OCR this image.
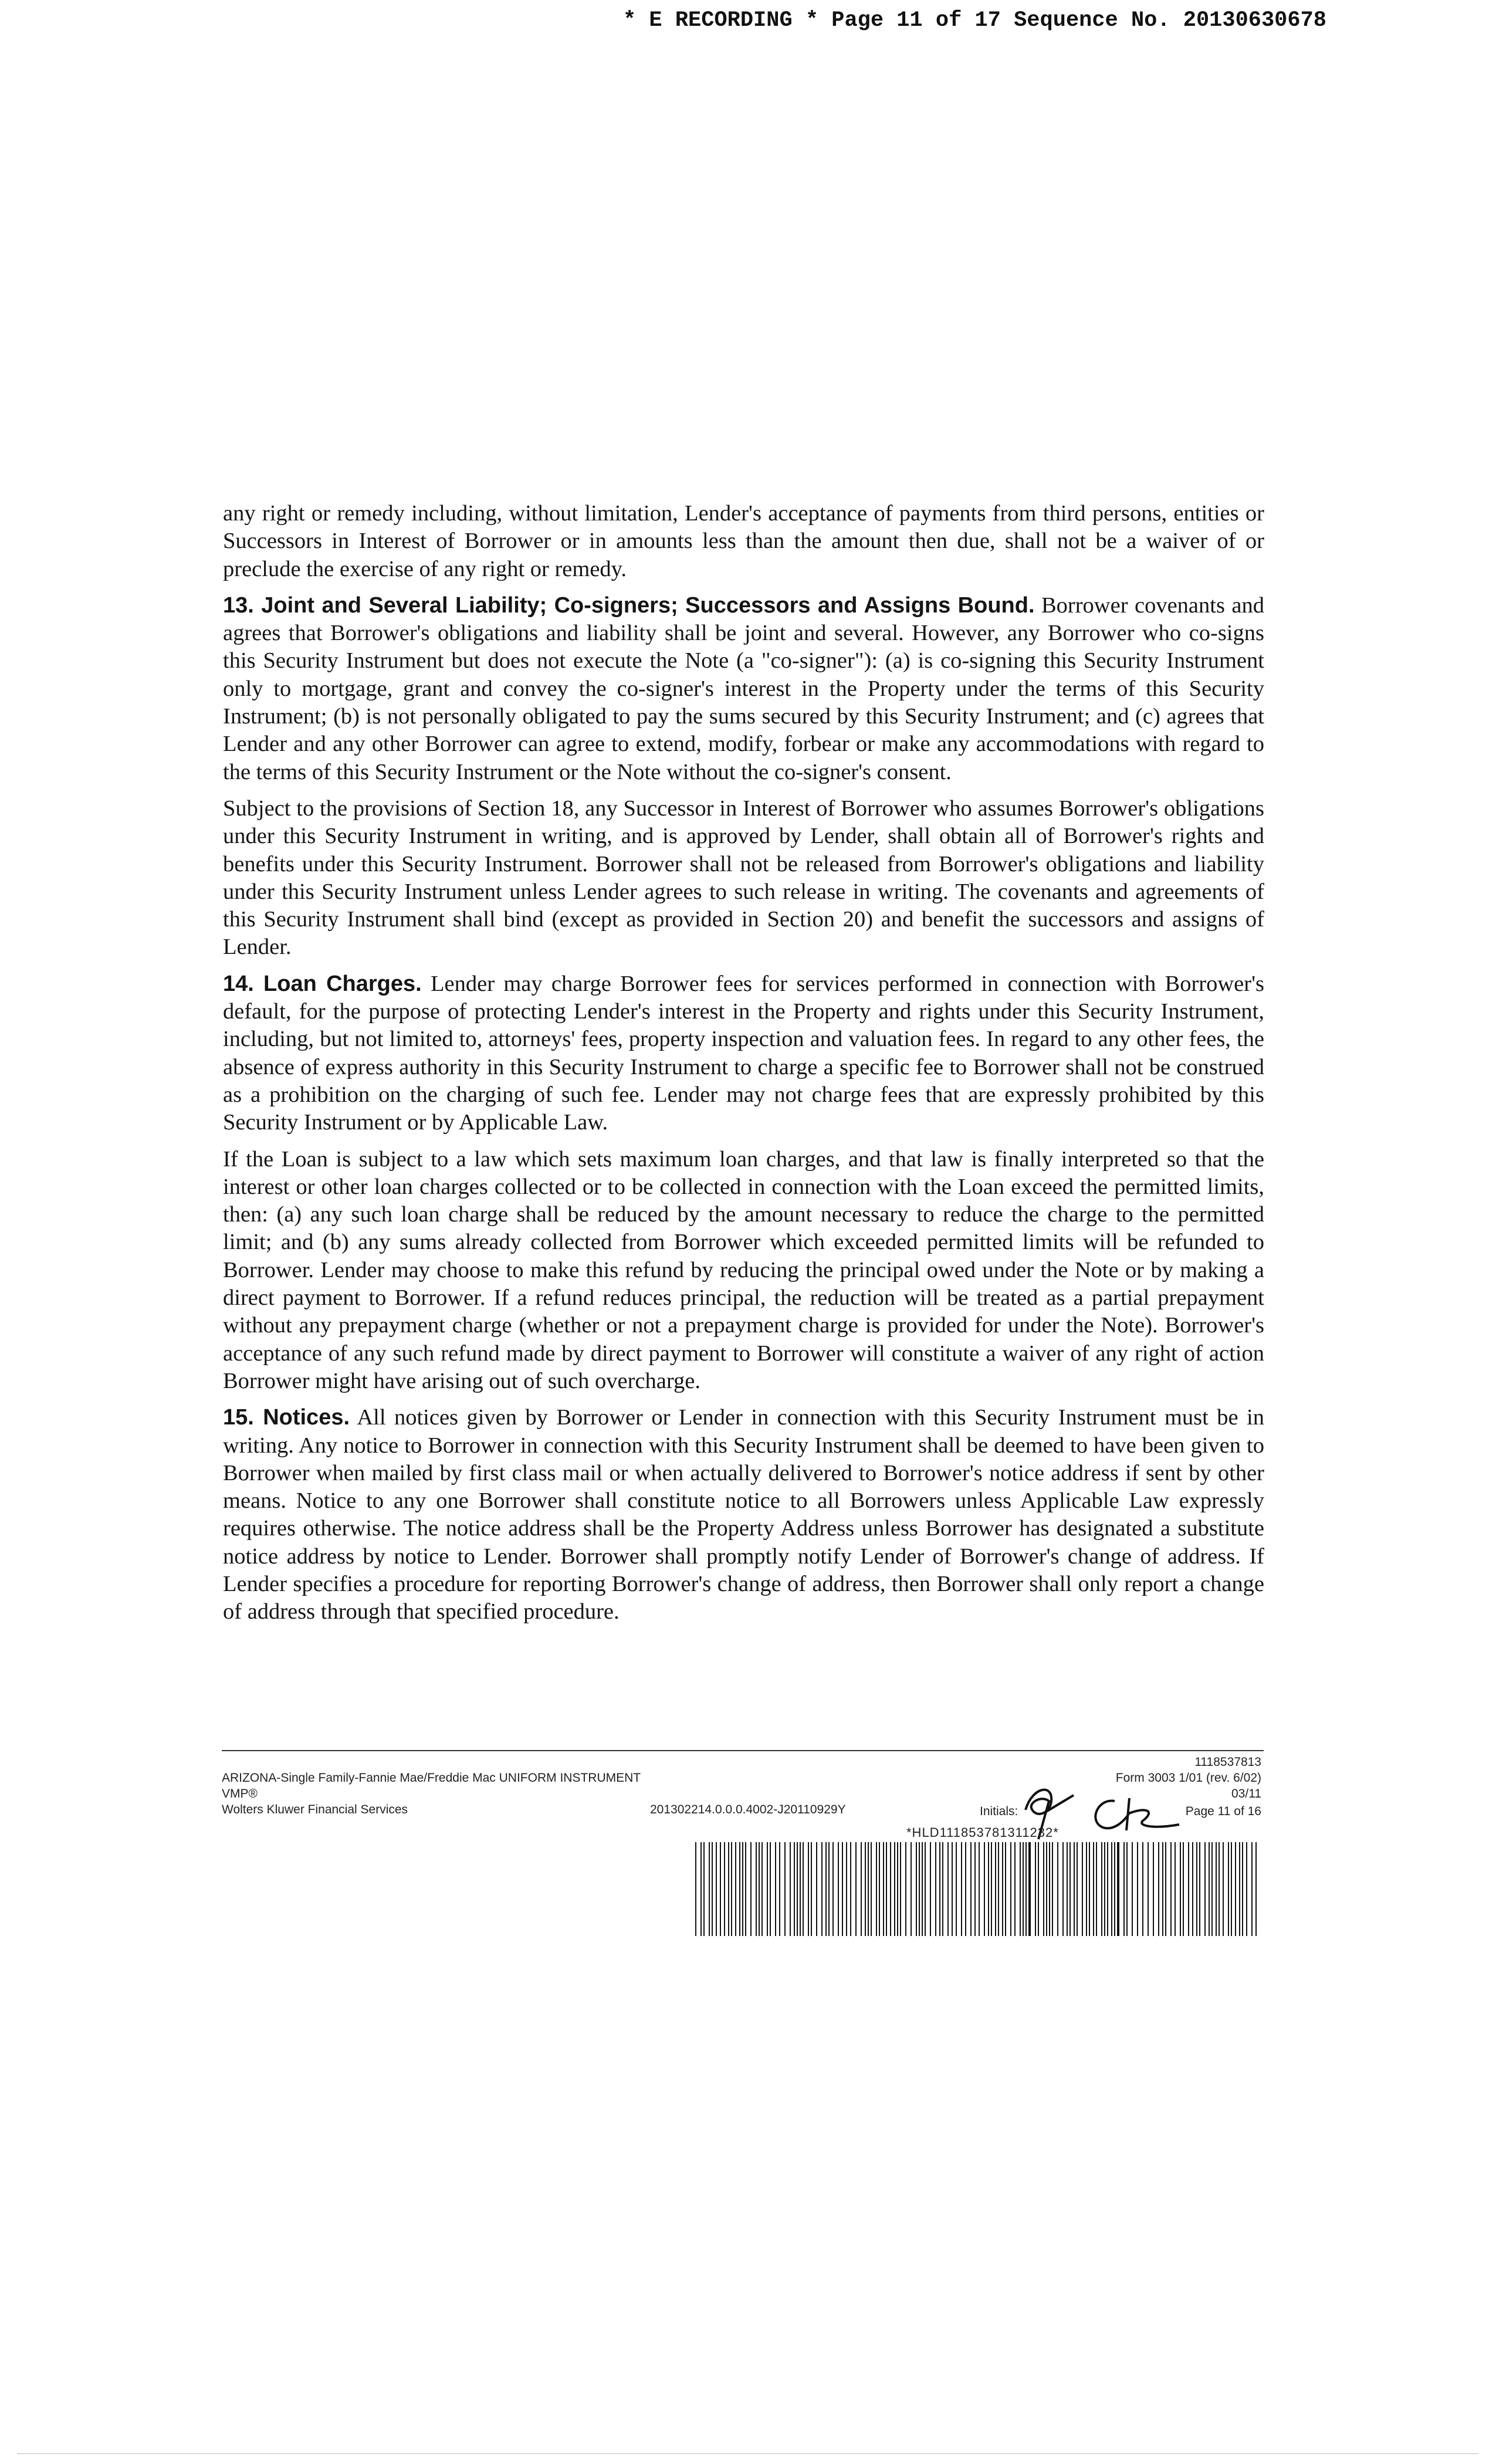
* E RECORDING * Page 11 of 17 Sequence No. 20130630678

any right or remedy including, without limitation, Lender's acceptance of payments from third persons, entities or Successors in Interest of Borrower or in amounts less than the amount then due, shall not be a waiver of or preclude the exercise of any right or remedy.

13. Joint and Several Liability; Co-signers; Successors and Assigns Bound. Borrower covenants and agrees that Borrower's obligations and liability shall be joint and several. However, any Borrower who co-signs this Security Instrument but does not execute the Note (a "co-signer"): (a) is co-signing this Security Instrument only to mortgage, grant and convey the co-signer's interest in the Property under the terms of this Security Instrument; (b) is not personally obligated to pay the sums secured by this Security Instrument; and (c) agrees that Lender and any other Borrower can agree to extend, modify, forbear or make any accommodations with regard to the terms of this Security Instrument or the Note without the co-signer's consent.

Subject to the provisions of Section 18, any Successor in Interest of Borrower who assumes Borrower's obligations under this Security Instrument in writing, and is approved by Lender, shall obtain all of Borrower's rights and benefits under this Security Instrument. Borrower shall not be released from Borrower's obligations and liability under this Security Instrument unless Lender agrees to such release in writing. The covenants and agreements of this Security Instrument shall bind (except as provided in Section 20) and benefit the successors and assigns of Lender.

14. Loan Charges. Lender may charge Borrower fees for services performed in connection with Borrower's default, for the purpose of protecting Lender's interest in the Property and rights under this Security Instrument, including, but not limited to, attorneys' fees, property inspection and valuation fees. In regard to any other fees, the absence of express authority in this Security Instrument to charge a specific fee to Borrower shall not be construed as a prohibition on the charging of such fee. Lender may not charge fees that are expressly prohibited by this Security Instrument or by Applicable Law.

If the Loan is subject to a law which sets maximum loan charges, and that law is finally interpreted so that the interest or other loan charges collected or to be collected in connection with the Loan exceed the permitted limits, then: (a) any such loan charge shall be reduced by the amount necessary to reduce the charge to the permitted limit; and (b) any sums already collected from Borrower which exceeded permitted limits will be refunded to Borrower. Lender may choose to make this refund by reducing the principal owed under the Note or by making a direct payment to Borrower. If a refund reduces principal, the reduction will be treated as a partial prepayment without any prepayment charge (whether or not a prepayment charge is provided for under the Note). Borrower's acceptance of any such refund made by direct payment to Borrower will constitute a waiver of any right of action Borrower might have arising out of such overcharge.

15. Notices. All notices given by Borrower or Lender in connection with this Security Instrument must be in writing. Any notice to Borrower in connection with this Security Instrument shall be deemed to have been given to Borrower when mailed by first class mail or when actually delivered to Borrower's notice address if sent by other means. Notice to any one Borrower shall constitute notice to all Borrowers unless Applicable Law expressly requires otherwise. The notice address shall be the Property Address unless Borrower has designated a substitute notice address by notice to Lender. Borrower shall promptly notify Lender of Borrower's change of address. If Lender specifies a procedure for reporting Borrower's change of address, then Borrower shall only report a change of address through that specified procedure.

ARIZONA-Single Family-Fannie Mae/Freddie Mac UNIFORM INSTRUMENT
VMP®
Wolters Kluwer Financial Services	201302214.0.0.0.4002-J20110929Y
1118537813
Form 3003 1/01 (rev. 6/02)
03/11
Initials:	Page 11 of 16
*HLD111853781311232*
